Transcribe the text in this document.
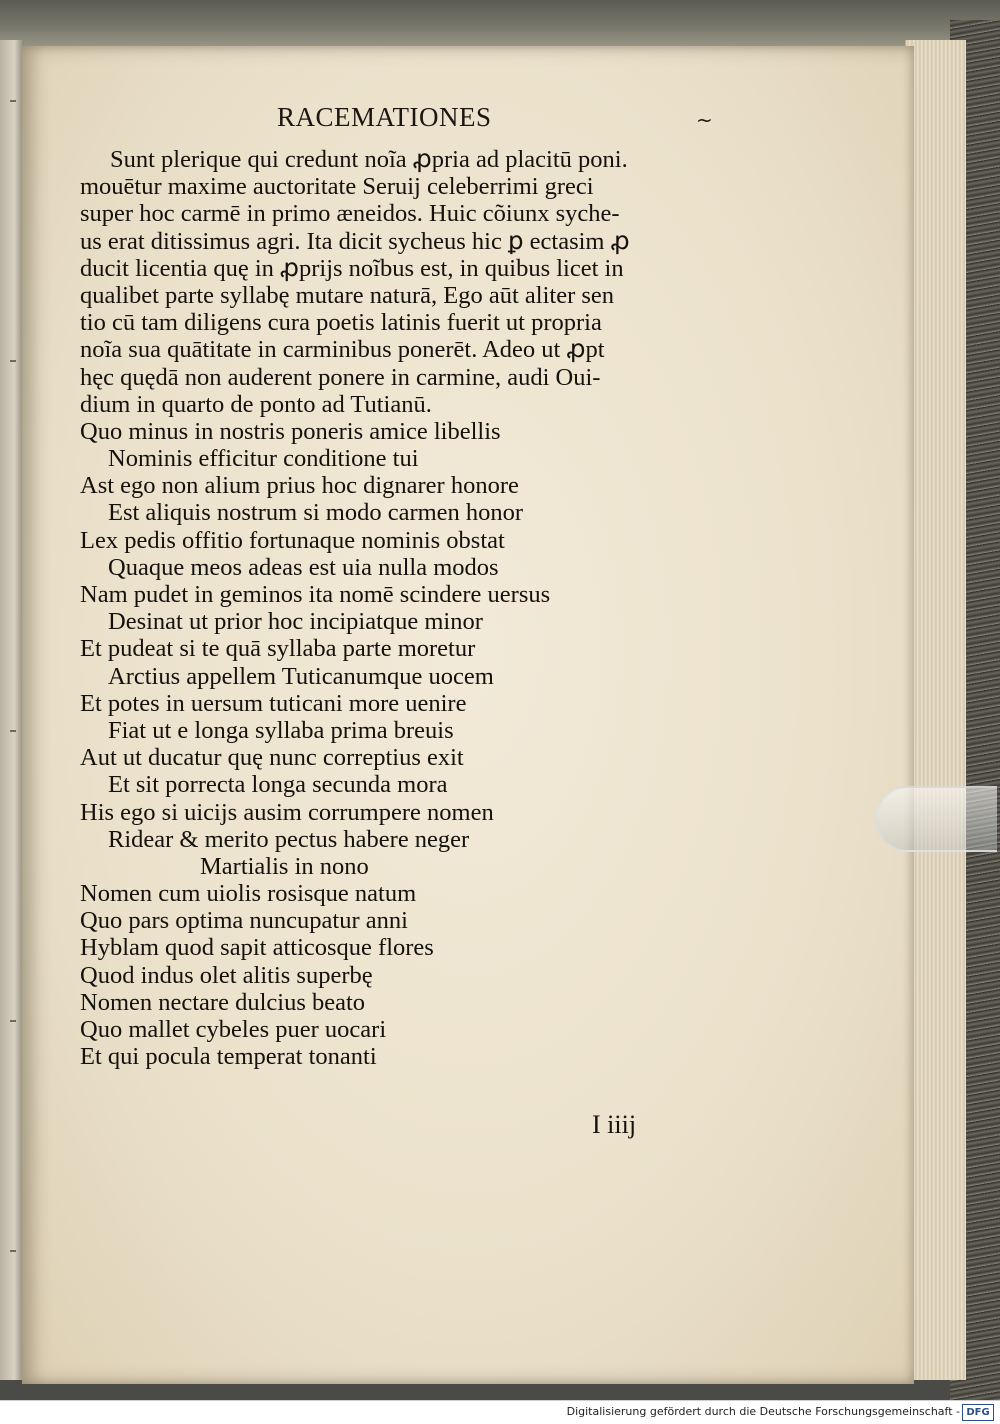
RACEMATIONES	~
Sunt plerique qui credunt noĩa ꝓpria ad placitū poni.
mouētur maxime auctoritate Seruij celeberrimi greci
super hoc carmē in primo æneidos. Huic cõiunx syche-
us erat ditissimus agri. Ita dicit sycheus hic ꝑ ectasim ꝓ
ducit licentia quę in ꝓprijs noĩbus est, in quibus licet in
qualibet parte syllabę mutare naturā, Ego aūt aliter sen
tio cū tam diligens cura poetis latinis fuerit ut propria
noĩa sua quātitate in carminibus ponerēt. Adeo ut ꝓpt
hęc quędā non auderent ponere in carmine, audi Oui-
dium in quarto de ponto ad Tutianū.
Quo minus in nostris poneris amice libellis
Nominis efficitur conditione tui
Ast ego non alium prius hoc dignarer honore
Est aliquis nostrum si modo carmen honor
Lex pedis offitio fortunaque nominis obstat
Quaque meos adeas est uia nulla modos
Nam pudet in geminos ita nomē scindere uersus
Desinat ut prior hoc incipiatque minor
Et pudeat si te quā syllaba parte moretur
Arctius appellem Tuticanumque uocem
Et potes in uersum tuticani more uenire
Fiat ut e longa syllaba prima breuis
Aut ut ducatur quę nunc correptius exit
Et sit porrecta longa secunda mora
His ego si uicijs ausim corrumpere nomen
Ridear & merito pectus habere neger
Martialis in nono
Nomen cum uiolis rosisque natum
Quo pars optima nuncupatur anni
Hyblam quod sapit atticosque flores
Quod indus olet alitis superbę
Nomen nectare dulcius beato
Quo mallet cybeles puer uocari
Et qui pocula temperat tonanti
I iiij
Digitalisierung gefördert durch die Deutsche Forschungsgemeinschaft - DFG
